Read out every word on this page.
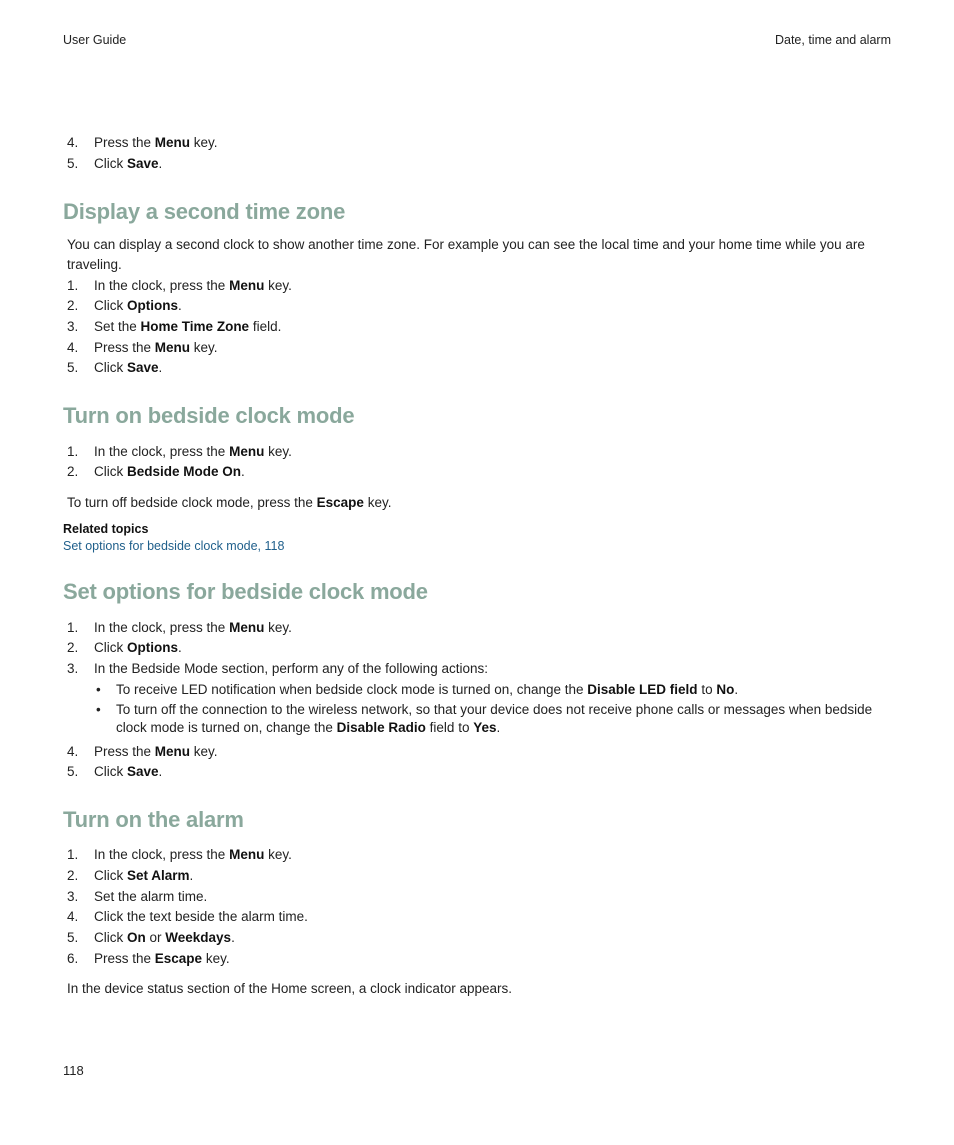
User Guide	Date, time and alarm
4. Press the Menu key.
5. Click Save.
Display a second time zone
You can display a second clock to show another time zone. For example you can see the local time and your home time while you are traveling.
1. In the clock, press the Menu key.
2. Click Options.
3. Set the Home Time Zone field.
4. Press the Menu key.
5. Click Save.
Turn on bedside clock mode
1. In the clock, press the Menu key.
2. Click Bedside Mode On.
To turn off bedside clock mode, press the Escape key.
Related topics
Set options for bedside clock mode, 118
Set options for bedside clock mode
1. In the clock, press the Menu key.
2. Click Options.
3. In the Bedside Mode section, perform any of the following actions:
•	To receive LED notification when bedside clock mode is turned on, change the Disable LED field to No.
•	To turn off the connection to the wireless network, so that your device does not receive phone calls or messages when bedside clock mode is turned on, change the Disable Radio field to Yes.
4. Press the Menu key.
5. Click Save.
Turn on the alarm
1. In the clock, press the Menu key.
2. Click Set Alarm.
3. Set the alarm time.
4. Click the text beside the alarm time.
5. Click On or Weekdays.
6. Press the Escape key.
In the device status section of the Home screen, a clock indicator appears.
118
